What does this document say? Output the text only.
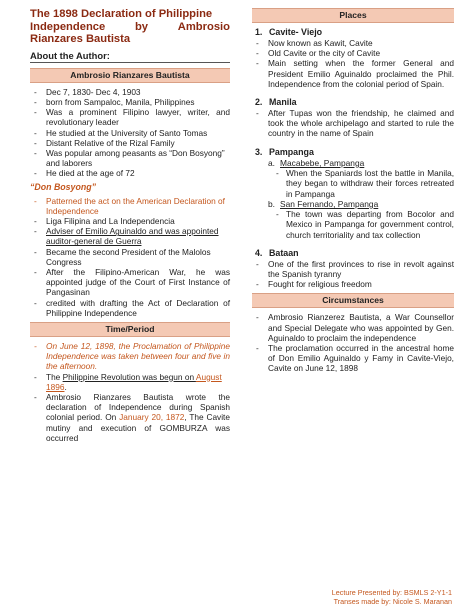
The 1898 Declaration of Philippine
Independence	by	Ambrosio
Rianzares Bautista
About the Author:
Ambrosio Rianzares Bautista
- Dec 7, 1830- Dec 4, 1903
- born from Sampaloc, Manila, Philippines
- Was a prominent Filipino lawyer, writer, and revolutionary leader
- He studied at the University of Santo Tomas
- Distant Relative of the Rizal Family
- Was popular among peasants as “Don Bosyong” and laborers
- He died at the age of 72
“Don Bosyong”
- Patterned the act on the American Declaration of Independence
- Liga Filipina and La Independencia
- Adviser of Emilio Aguinaldo and was appointed auditor-general de Guerra
- Became the second President of the Malolos Congress
- After the Filipino-American War, he was appointed judge of the Court of First Instance of Pangasinan
- credited with drafting the Act of Declaration of Philippine Independence
Time/Period
- On June 12, 1898, the Proclamation of Philippine Independence was taken between four and five in the afternoon.
- The Philippine Revolution was begun on August 1896.
- Ambrosio Rianzares Bautista wrote the declaration of Independence during Spanish colonial period. On January 20, 1872, The Cavite mutiny and execution of GOMBURZA was occurred
Places
1. Cavite- Viejo
- Now known as Kawit, Cavite
- Old Cavite or the city of Cavite
- Main setting when the former General and President Emilio Aguinaldo proclaimed the Phil. Independence from the colonial period of Spain.
2. Manila
- After Tupas won the friendship, he claimed and took the whole archipelago and started to rule the country in the name of Spain
3. Pampanga
a. Macabebe, Pampanga
- When the Spaniards lost the battle in Manila, they began to withdraw their forces retreated in Pampanga
b. San Fernando, Pampanga
- The town was departing from Bocolor and Mexico in Pampanga for government control, church territoriality and tax collection
4. Bataan
- One of the first provinces to rise in revolt against the Spanish tyranny
- Fought for religious freedom
Circumstances
- Ambrosio Rianzerez Bautista, a War Counsellor and Special Delegate who was appointed by Gen. Aguinaldo to proclaim the independence
- The proclamation occurred in the ancestral home of Don Emilio Aguinaldo y Famy in Cavite-Viejo, Cavite on June 12, 1898
Lecture Presented by: BSMLS 2-Y1-1
Transes made by: Nicole S. Maranan
